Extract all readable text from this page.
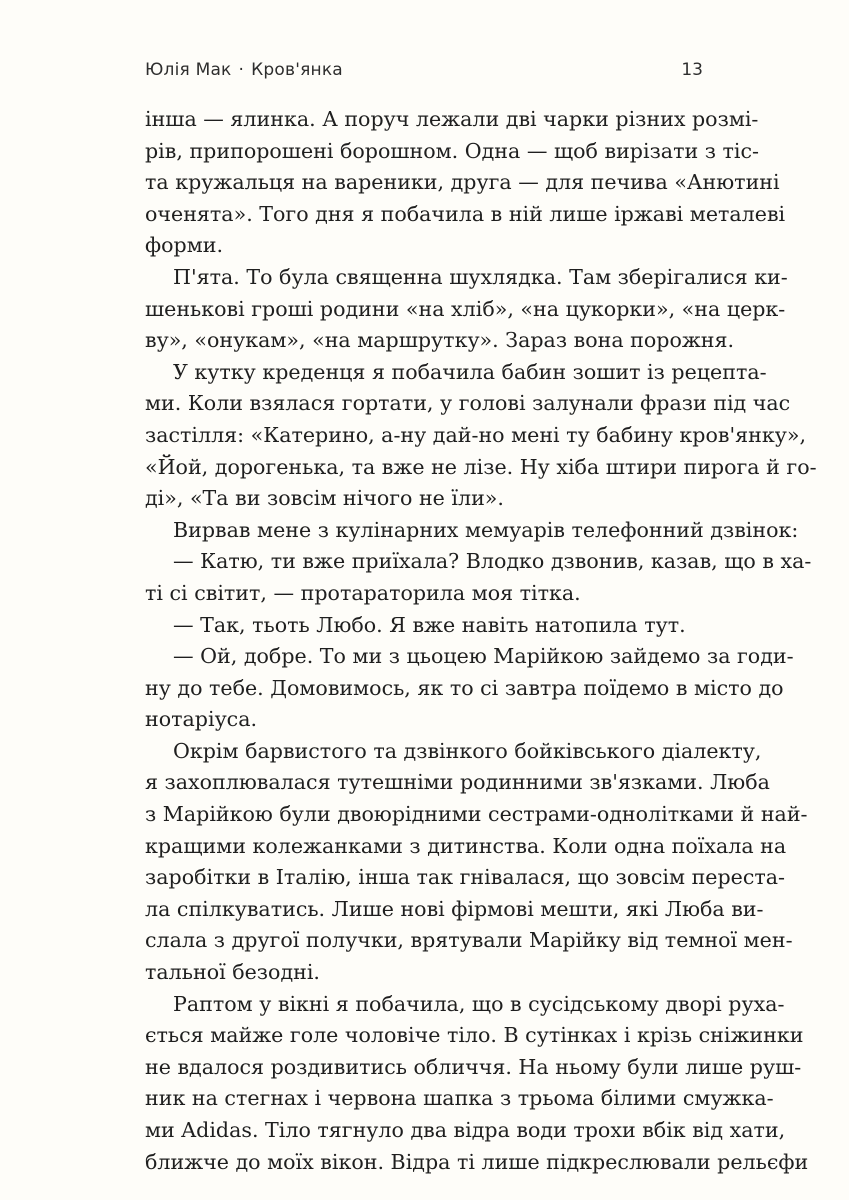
Юлія Мак · Кров'янка	13
інша — ялинка. А поруч лежали дві чарки різних розмі-
рів, припорошені борошном. Одна — щоб вирізати з тіс-
та кружальця на вареники, друга — для печива «Анютині
оченята». Того дня я побачила в ній лише іржаві металеві
форми.
П'ята. То була священна шухлядка. Там зберігалися ки-
шенькові гроші родини «на хліб», «на цукорки», «на церк-
ву», «онукам», «на маршрутку». Зараз вона порожня.
У кутку креденця я побачила бабин зошит із рецепта-
ми. Коли взялася гортати, у голові залунали фрази під час
застілля: «Катерино, а-ну дай-но мені ту бабину кров'янку»,
«Йой, дорогенька, та вже не лізе. Ну хіба штири пирога й го-
ді», «Та ви зовсім нічого не їли».
Вирвав мене з кулінарних мемуарів телефонний дзвінок:
— Катю, ти вже приїхала? Влодко дзвонив, казав, що в ха-
ті сі світит, — протараторила моя тітка.
— Так, тьоть Любо. Я вже навіть натопила тут.
— Ой, добре. То ми з цьоцею Марійкою зайдемо за годи-
ну до тебе. Домовимось, як то сі завтра поїдемо в місто до
нотаріуса.
Окрім барвистого та дзвінкого бойківського діалекту,
я захоплювалася тутешніми родинними зв'язками. Люба
з Марійкою були двоюрідними сестрами-однолітками й най-
кращими колежанками з дитинства. Коли одна поїхала на
заробітки в Італію, інша так гнівалася, що зовсім переста-
ла спілкуватись. Лише нові фірмові мешти, які Люба ви-
слала з другої получки, врятували Марійку від темної мен-
тальної безодні.
Раптом у вікні я побачила, що в сусідському дворі руха-
ється майже голе чоловіче тіло. В сутінках і крізь сніжинки
не вдалося роздивитись обличчя. На ньому були лише руш-
ник на стегнах і червона шапка з трьома білими смужка-
ми Adidas. Тіло тягнуло два відра води трохи вбік від хати,
ближче до моїх вікон. Відра ті лише підкреслювали рельєфи
